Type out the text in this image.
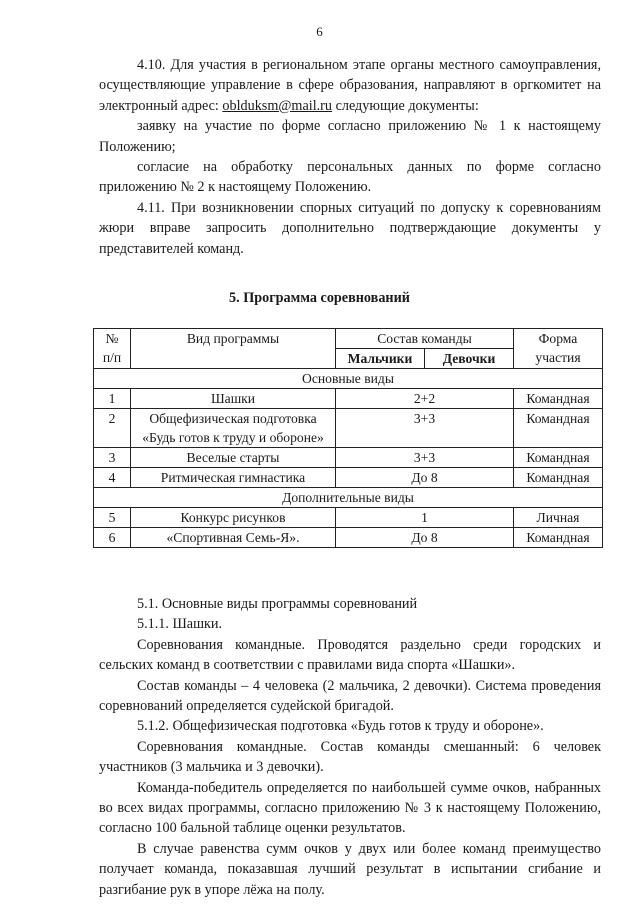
6

4.10. Для участия в региональном этапе органы местного самоуправления, осуществляющие управление в сфере образования, направляют в оргкомитет на электронный адрес: oblduksm@mail.ru следующие документы:

заявку на участие по форме согласно приложению № 1 к настоящему Положению;

согласие на обработку персональных данных по форме согласно приложению № 2 к настоящему Положению.

4.11. При возникновении спорных ситуаций по допуску к соревнованиям жюри вправе запросить дополнительно подтверждающие документы у представителей команд.

5. Программа соревнований
№
п/п	Вид программы	Состав команды		Форма
участия
		Мальчики	Девочки	
Основные виды				
1	Шашки	2+2		Командная
2	Общефизическая подготовка «Будь готов к труду и обороне»	3+3		Командная
3	Веселые старты	3+3		Командная
4	Ритмическая гимнастика	До 8		Командная
Дополнительные виды				
5	Конкурс рисунков	1		Личная
6	«Спортивная Семь-Я».	До 8		Командная

5.1. Основные виды программы соревнований

5.1.1. Шашки.

Соревнования командные. Проводятся раздельно среди городских и сельских команд в соответствии с правилами вида спорта «Шашки».

Состав команды – 4 человека (2 мальчика, 2 девочки). Система проведения соревнований определяется судейской бригадой.

5.1.2. Общефизическая подготовка «Будь готов к труду и обороне».

Соревнования командные. Состав команды смешанный: 6 человек участников (3 мальчика и 3 девочки).

Команда-победитель определяется по наибольшей сумме очков, набранных во всех видах программы, согласно приложению № 3 к настоящему Положению, согласно 100 бальной таблице оценки результатов.

В случае равенства сумм очков у двух или более команд преимущество получает команда, показавшая лучший результат в испытании сгибание и разгибание рук в упоре лёжа на полу.
